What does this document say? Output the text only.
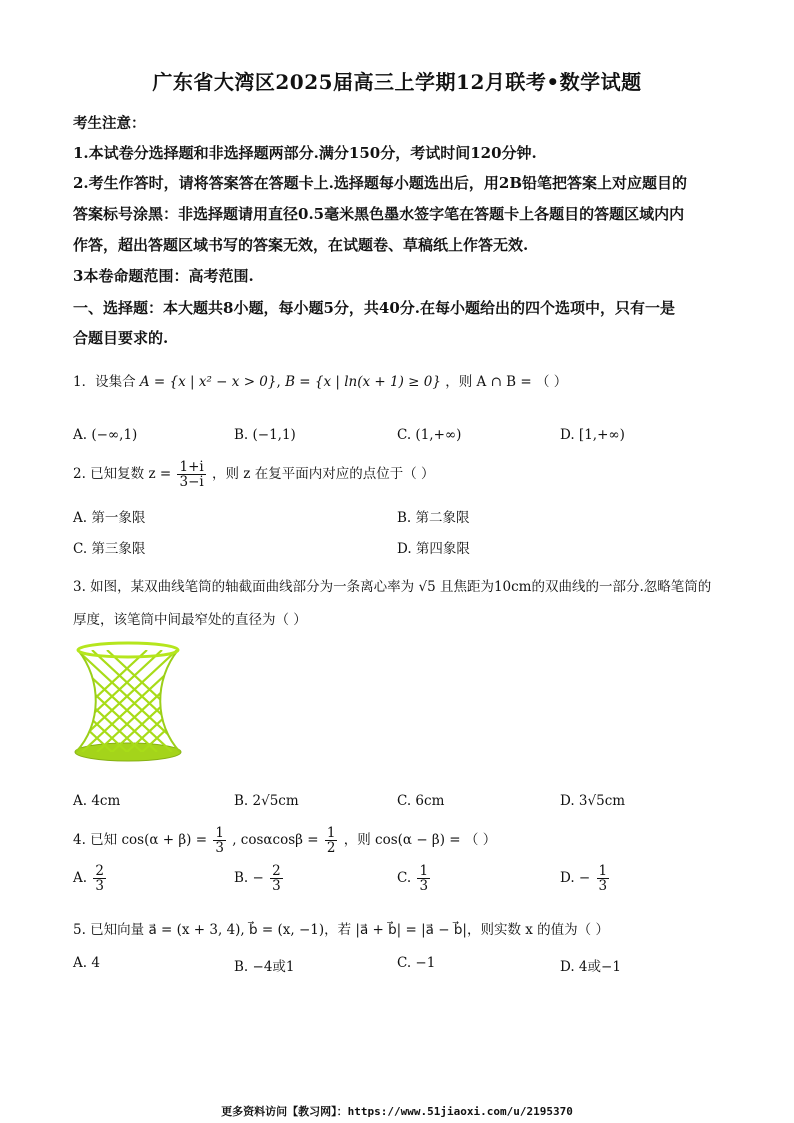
广东省大湾区2025届高三上学期12月联考•数学试题
考生注意：
1.本试卷分选择题和非选择题两部分.满分150分，考试时间120分钟.
2.考生作答时，请将答案答在答题卡上.选择题每小题选出后，用2B铅笔把答案上对应题目的
答案标号涂黑：非选择题请用直径0.5毫米黑色墨水签字笔在答题卡上各题目的答题区域内内
作答，超出答题区域书写的答案无效，在试题卷、草稿纸上作答无效.
3本卷命题范围：高考范围.
一、选择题：本大题共8小题，每小题5分，共40分.在每小题给出的四个选项中，只有一是
合题目要求的.
1．设集合 A = {x | x² − x > 0}, B = {x | ln(x + 1) ≥ 0} ，则 A ∩ B = （ ）
A. (−∞,1)	B. (−1,1)	C. (1,+∞)	D. [1,+∞)
2. 已知复数 $z = \frac{1+i}{3-i}$ ，则 z 在复平面内对应的点位于（ ）
A. 第一象限	B. 第二象限
C. 第三象限	D. 第四象限
3. 如图，某双曲线笔筒的轴截面曲线部分为一条离心率为 √5 且焦距为10cm的双曲线的一部分.忽略笔筒的
厚度，该笔筒中间最窄处的直径为（ ）
A. 4cm	B. 2√5cm	C. 6cm	D. 3√5cm
4. 已知 $\cos(\alpha + \beta) = \frac{1}{3}$ , $\cos\alpha\cos\beta = \frac{1}{2}$ ，则 cos(α − β) = （ ）
A. $\frac{2}{3}$	B. − $\frac{2}{3}$	C. $\frac{1}{3}$	D. − $\frac{1}{3}$
5. 已知向量 a⃗ = (x + 3, 4), b⃗ = (x, −1)，若 |a⃗ + b⃗| = |a⃗ − b⃗|，则实数 x 的值为（ ）
A. 4	B. −4或1	C. −1	D. 4或−1
更多资料访问【教习网】：https://www.51jiaoxi.com/u/2195370
